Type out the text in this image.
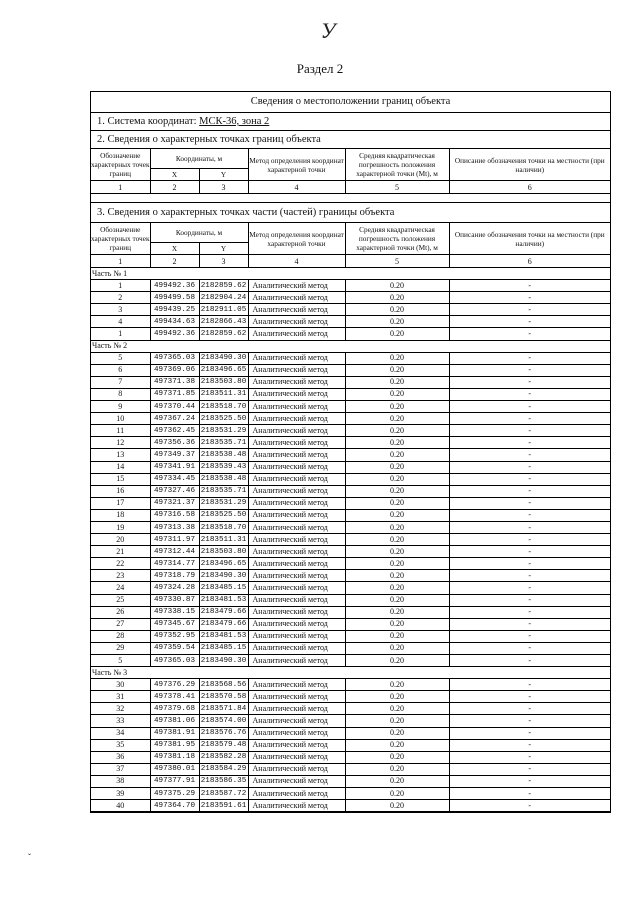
У
Раздел 2
Сведения о местоположении границ объекта
1. Система координат: МСК-36, зона 2
2. Сведения о характерных точках границ объекта
Обозначение характерных точек границ	Координаты, м		Метод определения координат характерной точки	Средняя квадратическая погрешность положения характерной точки (Mt), м	Описание обозначения точки на местности (при наличии)
	X	Y			
1	2	3	4	5	6
3. Сведения о характерных точках части (частей) границы объекта
Обозначение характерных точек границ	Координаты, м		Метод определения координат характерной точки	Средняя квадратическая погрешность положения характерной точки (Mt), м	Описание обозначения точки на местности (при наличии)
	X	Y			
1	2	3	4	5	6
Часть № 1					
1	499492.36	2182859.62	Аналитический метод	0.20	-
2	499499.58	2182904.24	Аналитический метод	0.20	-
3	499439.25	2182911.05	Аналитический метод	0.20	-
4	499434.63	2182866.43	Аналитический метод	0.20	-
1	499492.36	2182859.62	Аналитический метод	0.20	-
Часть № 2					
5	497365.03	2183490.30	Аналитический метод	0.20	-
6	497369.06	2183496.65	Аналитический метод	0.20	-
7	497371.38	2183503.80	Аналитический метод	0.20	-
8	497371.85	2183511.31	Аналитический метод	0.20	-
9	497370.44	2183518.70	Аналитический метод	0.20	-
10	497367.24	2183525.50	Аналитический метод	0.20	-
11	497362.45	2183531.29	Аналитический метод	0.20	-
12	497356.36	2183535.71	Аналитический метод	0.20	-
13	497349.37	2183538.48	Аналитический метод	0.20	-
14	497341.91	2183539.43	Аналитический метод	0.20	-
15	497334.45	2183538.48	Аналитический метод	0.20	-
16	497327.46	2183535.71	Аналитический метод	0.20	-
17	497321.37	2183531.29	Аналитический метод	0.20	-
18	497316.58	2183525.50	Аналитический метод	0.20	-
19	497313.38	2183518.70	Аналитический метод	0.20	-
20	497311.97	2183511.31	Аналитический метод	0.20	-
21	497312.44	2183503.80	Аналитический метод	0.20	-
22	497314.77	2183496.65	Аналитический метод	0.20	-
23	497318.79	2183490.30	Аналитический метод	0.20	-
24	497324.28	2183485.15	Аналитический метод	0.20	-
25	497330.87	2183481.53	Аналитический метод	0.20	-
26	497338.15	2183479.66	Аналитический метод	0.20	-
27	497345.67	2183479.66	Аналитический метод	0.20	-
28	497352.95	2183481.53	Аналитический метод	0.20	-
29	497359.54	2183485.15	Аналитический метод	0.20	-
5	497365.03	2183490.30	Аналитический метод	0.20	-
Часть № 3					
30	497376.29	2183568.56	Аналитический метод	0.20	-
31	497378.41	2183570.58	Аналитический метод	0.20	-
32	497379.68	2183571.84	Аналитический метод	0.20	-
33	497381.06	2183574.00	Аналитический метод	0.20	-
34	497381.91	2183576.76	Аналитический метод	0.20	-
35	497381.95	2183579.48	Аналитический метод	0.20	-
36	497381.18	2183582.28	Аналитический метод	0.20	-
37	497380.01	2183584.29	Аналитический метод	0.20	-
38	497377.91	2183586.35	Аналитический метод	0.20	-
39	497375.29	2183587.72	Аналитический метод	0.20	-
40	497364.70	2183591.61	Аналитический метод	0.20	-
ˇ
